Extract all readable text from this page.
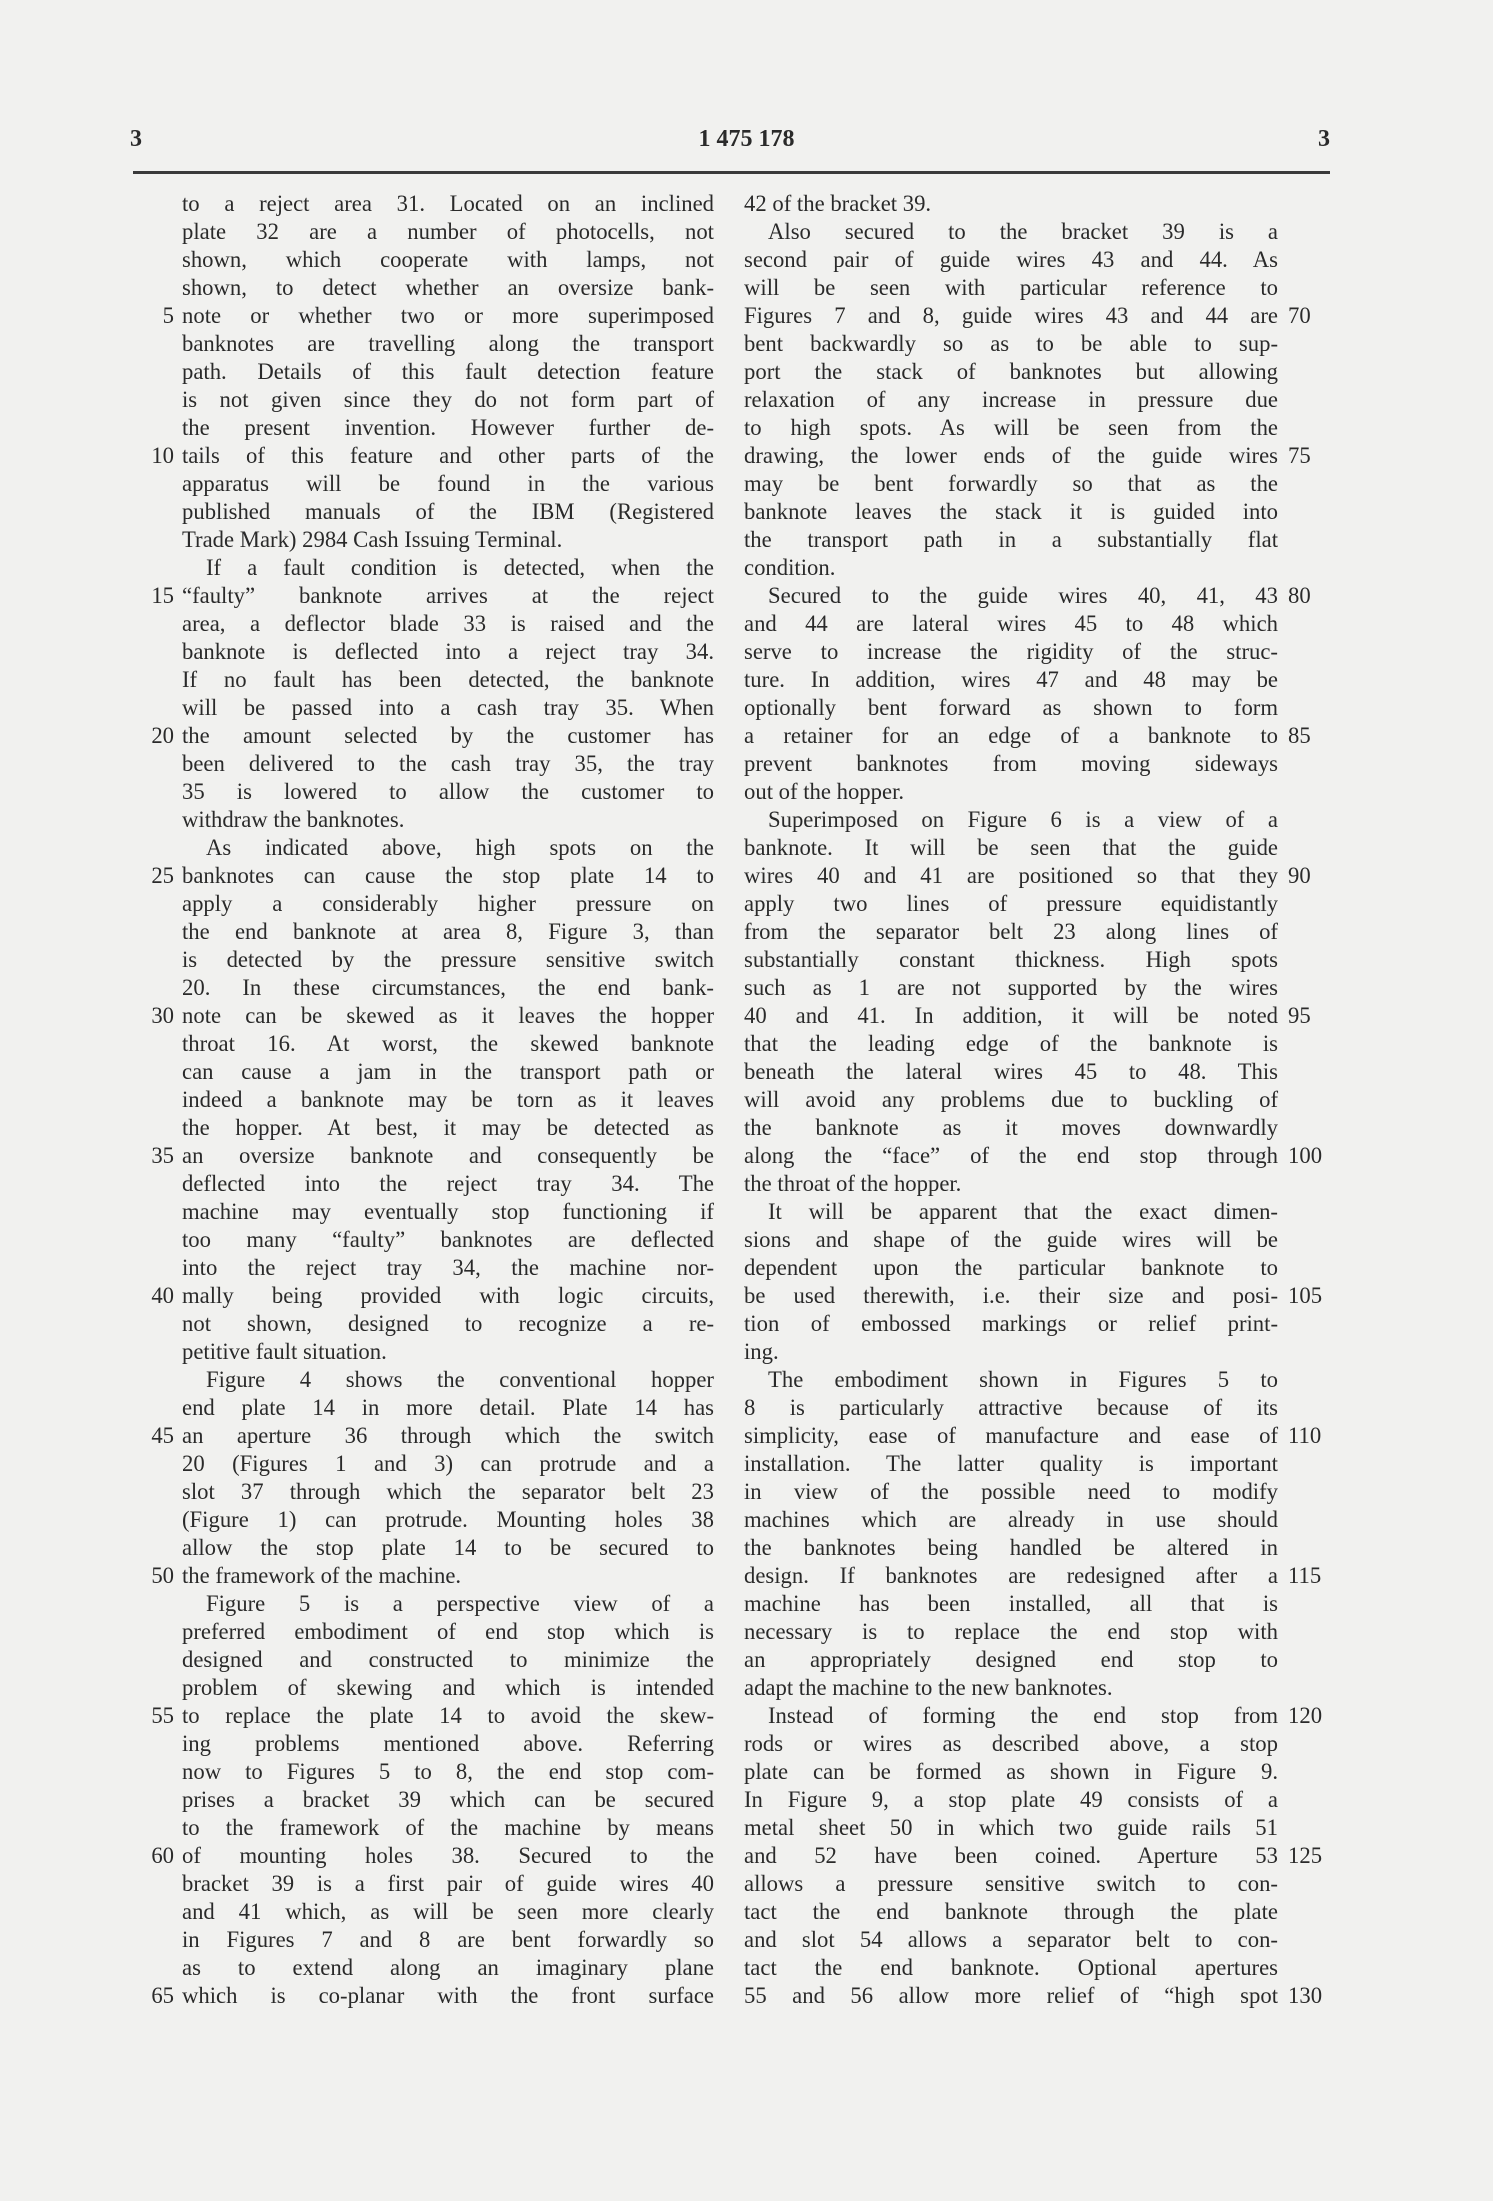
3	1 475 178	3
to a reject area 31. Located on an inclined
plate 32 are a number of photocells, not
shown, which cooperate with lamps, not
shown, to detect whether an oversize bank-
note or whether two or more superimposed
banknotes are travelling along the transport
path. Details of this fault detection feature
is not given since they do not form part of
the present invention. However further de-
tails of this feature and other parts of the
apparatus will be found in the various
published manuals of the IBM (Registered
Trade Mark) 2984 Cash Issuing Terminal.
If a fault condition is detected, when the
“faulty” banknote arrives at the reject
area, a deflector blade 33 is raised and the
banknote is deflected into a reject tray 34.
If no fault has been detected, the banknote
will be passed into a cash tray 35. When
the amount selected by the customer has
been delivered to the cash tray 35, the tray
35 is lowered to allow the customer to
withdraw the banknotes.
As indicated above, high spots on the
banknotes can cause the stop plate 14 to
apply a considerably higher pressure on
the end banknote at area 8, Figure 3, than
is detected by the pressure sensitive switch
20. In these circumstances, the end bank-
note can be skewed as it leaves the hopper
throat 16. At worst, the skewed banknote
can cause a jam in the transport path or
indeed a banknote may be torn as it leaves
the hopper. At best, it may be detected as
an oversize banknote and consequently be
deflected into the reject tray 34. The
machine may eventually stop functioning if
too many “faulty” banknotes are deflected
into the reject tray 34, the machine nor-
mally being provided with logic circuits,
not shown, designed to recognize a re-
petitive fault situation.
Figure 4 shows the conventional hopper
end plate 14 in more detail. Plate 14 has
an aperture 36 through which the switch
20 (Figures 1 and 3) can protrude and a
slot 37 through which the separator belt 23
(Figure 1) can protrude. Mounting holes 38
allow the stop plate 14 to be secured to
the framework of the machine.
Figure 5 is a perspective view of a
preferred embodiment of end stop which is
designed and constructed to minimize the
problem of skewing and which is intended
to replace the plate 14 to avoid the skew-
ing problems mentioned above. Referring
now to Figures 5 to 8, the end stop com-
prises a bracket 39 which can be secured
to the framework of the machine by means
of mounting holes 38. Secured to the
bracket 39 is a first pair of guide wires 40
and 41 which, as will be seen more clearly
in Figures 7 and 8 are bent forwardly so
as to extend along an imaginary plane
which is co-planar with the front surface
42 of the bracket 39.
Also secured to the bracket 39 is a
second pair of guide wires 43 and 44. As
will be seen with particular reference to
Figures 7 and 8, guide wires 43 and 44 are
bent backwardly so as to be able to sup-
port the stack of banknotes but allowing
relaxation of any increase in pressure due
to high spots. As will be seen from the
drawing, the lower ends of the guide wires
may be bent forwardly so that as the
banknote leaves the stack it is guided into
the transport path in a substantially flat
condition.
Secured to the guide wires 40, 41, 43
and 44 are lateral wires 45 to 48 which
serve to increase the rigidity of the struc-
ture. In addition, wires 47 and 48 may be
optionally bent forward as shown to form
a retainer for an edge of a banknote to
prevent banknotes from moving sideways
out of the hopper.
Superimposed on Figure 6 is a view of a
banknote. It will be seen that the guide
wires 40 and 41 are positioned so that they
apply two lines of pressure equidistantly
from the separator belt 23 along lines of
substantially constant thickness. High spots
such as 1 are not supported by the wires
40 and 41. In addition, it will be noted
that the leading edge of the banknote is
beneath the lateral wires 45 to 48. This
will avoid any problems due to buckling of
the banknote as it moves downwardly
along the “face” of the end stop through
the throat of the hopper.
It will be apparent that the exact dimen-
sions and shape of the guide wires will be
dependent upon the particular banknote to
be used therewith, i.e. their size and posi-
tion of embossed markings or relief print-
ing.
The embodiment shown in Figures 5 to
8 is particularly attractive because of its
simplicity, ease of manufacture and ease of
installation. The latter quality is important
in view of the possible need to modify
machines which are already in use should
the banknotes being handled be altered in
design. If banknotes are redesigned after a
machine has been installed, all that is
necessary is to replace the end stop with
an appropriately designed end stop to
adapt the machine to the new banknotes.
Instead of forming the end stop from
rods or wires as described above, a stop
plate can be formed as shown in Figure 9.
In Figure 9, a stop plate 49 consists of a
metal sheet 50 in which two guide rails 51
and 52 have been coined. Aperture 53
allows a pressure sensitive switch to con-
tact the end banknote through the plate
and slot 54 allows a separator belt to con-
tact the end banknote. Optional apertures
55 and 56 allow more relief of “high spot
5
10
15
20
25
30
35
40
45
50
55
60
65
70
75
80
85
90
95
100
105
110
115
120
125
130
